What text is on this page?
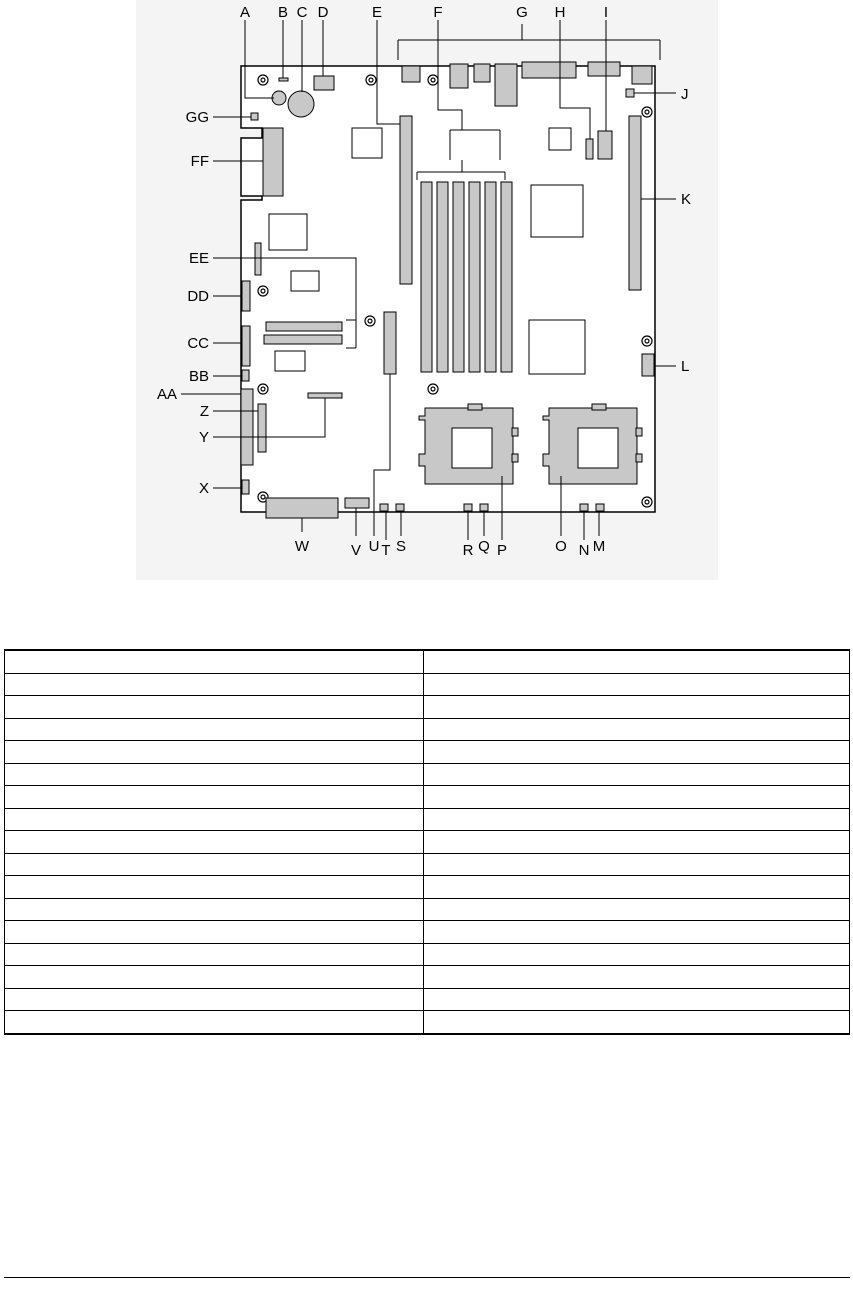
A B C D	E	F	G H	I
J
K
L
GG
FF
EE
DD
CC
BB
AA
Z
Y
X
W	V U T S	R Q P	O N M
